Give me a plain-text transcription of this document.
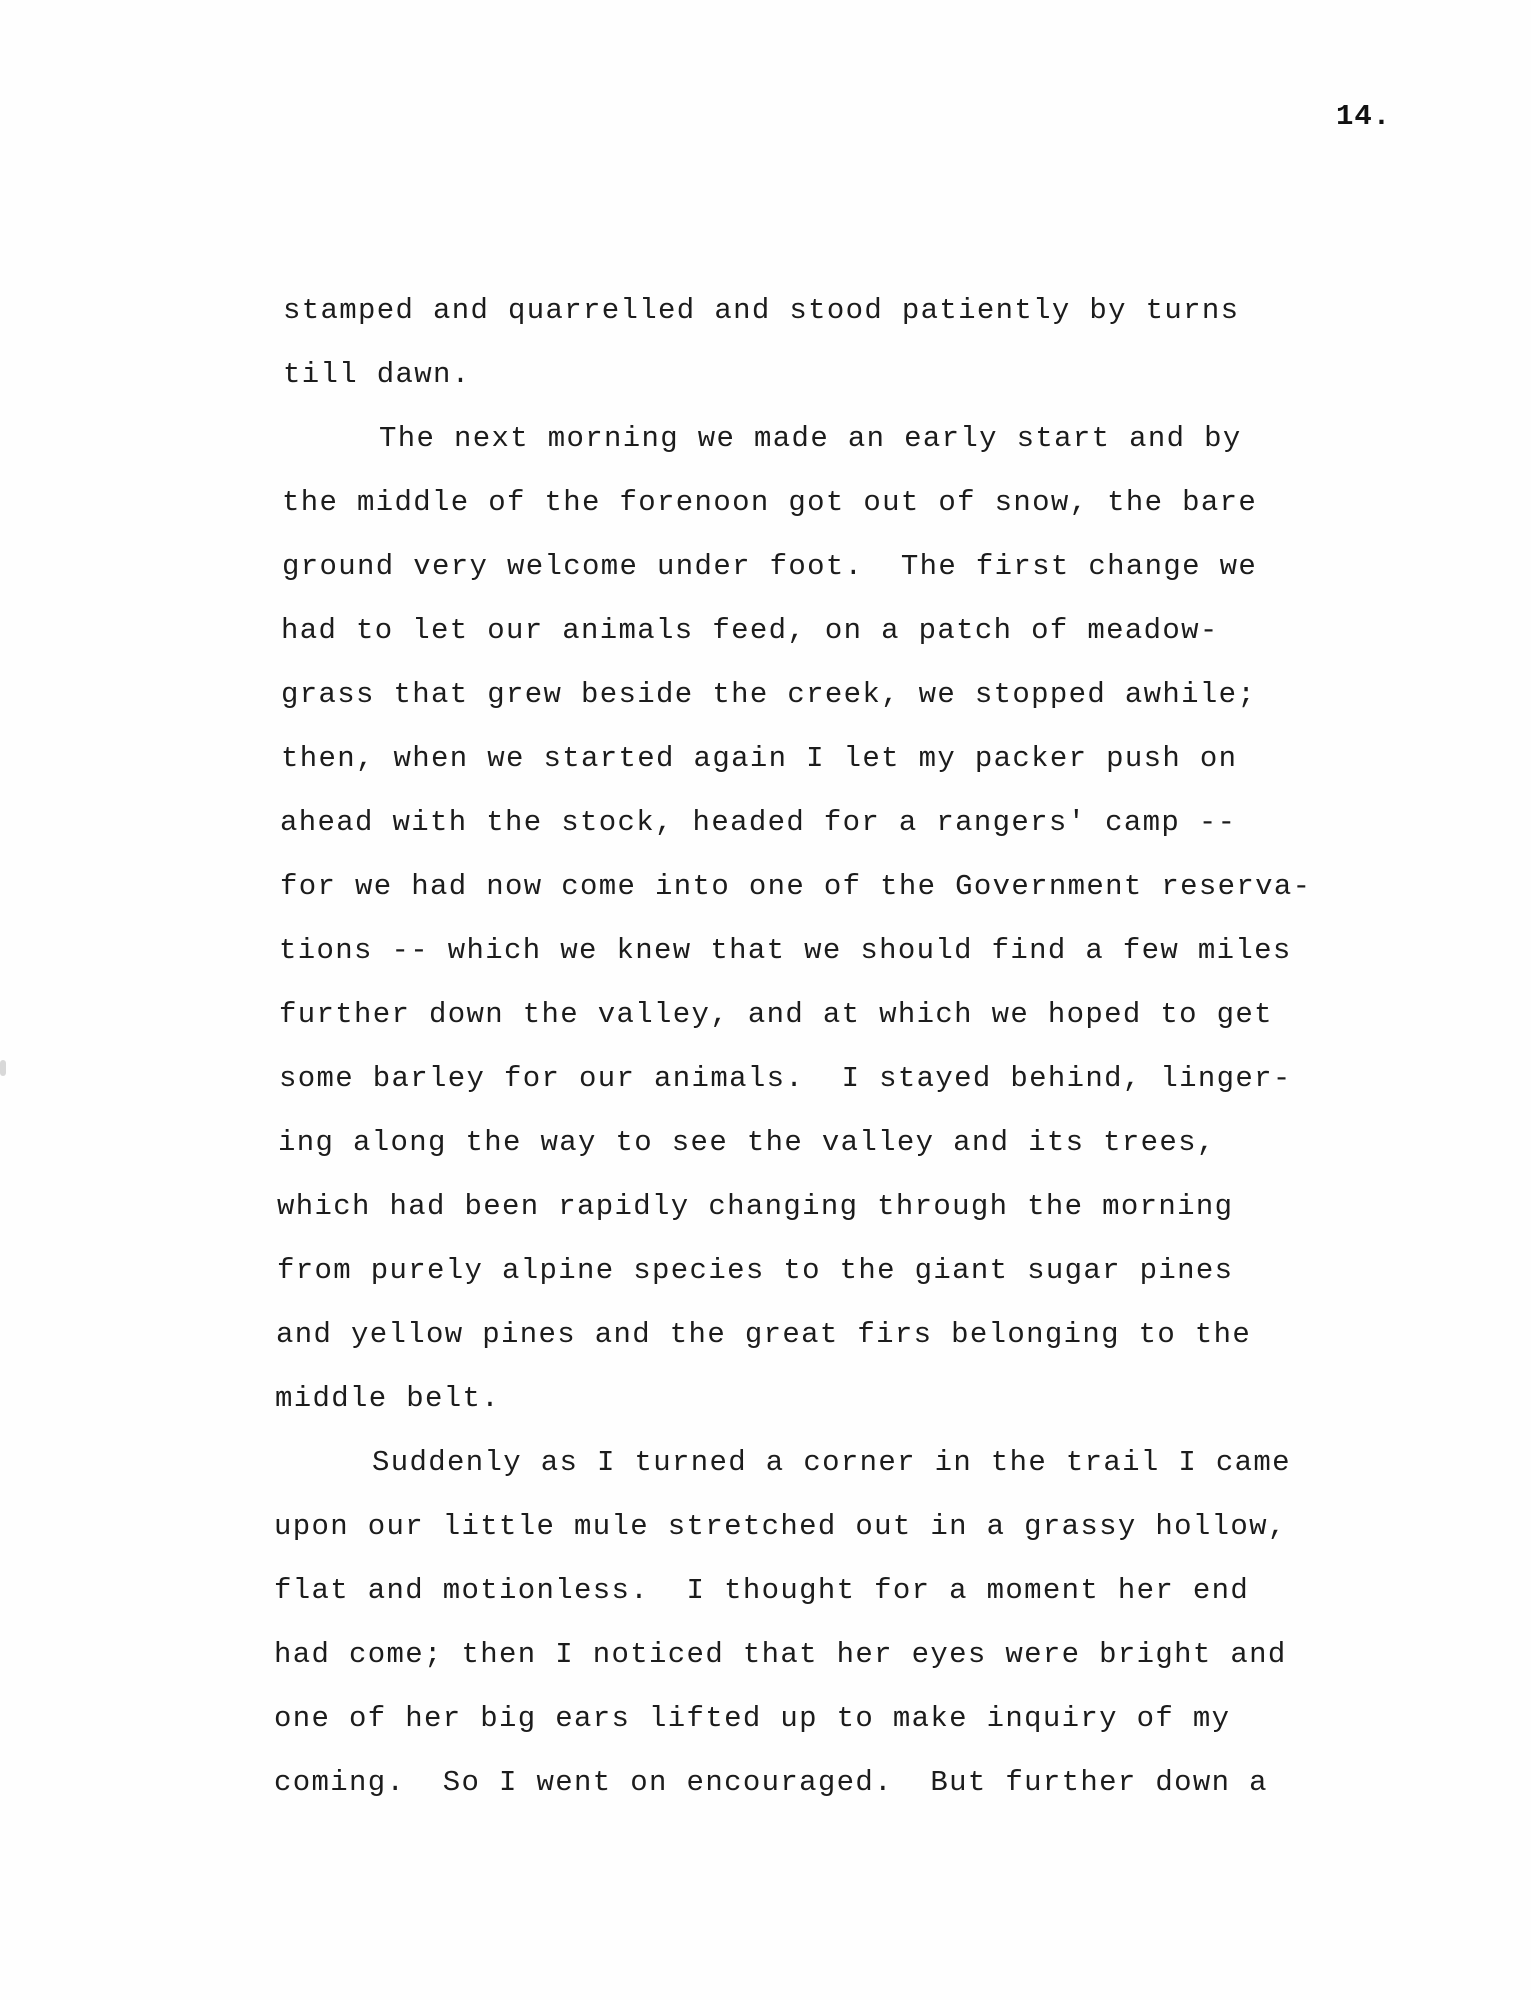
14.
stamped and quarrelled and stood patiently by turns
till dawn.
The next morning we made an early start and by
the middle of the forenoon got out of snow, the bare
ground very welcome under foot.  The first change we
had to let our animals feed, on a patch of meadow-
grass that grew beside the creek, we stopped awhile;
then, when we started again I let my packer push on
ahead with the stock, headed for a rangers' camp --
for we had now come into one of the Government reserva-
tions -- which we knew that we should find a few miles
further down the valley, and at which we hoped to get
some barley for our animals.  I stayed behind, linger-
ing along the way to see the valley and its trees,
which had been rapidly changing through the morning
from purely alpine species to the giant sugar pines
and yellow pines and the great firs belonging to the
middle belt.
Suddenly as I turned a corner in the trail I came
upon our little mule stretched out in a grassy hollow,
flat and motionless.  I thought for a moment her end
had come; then I noticed that her eyes were bright and
one of her big ears lifted up to make inquiry of my
coming.  So I went on encouraged.  But further down a
